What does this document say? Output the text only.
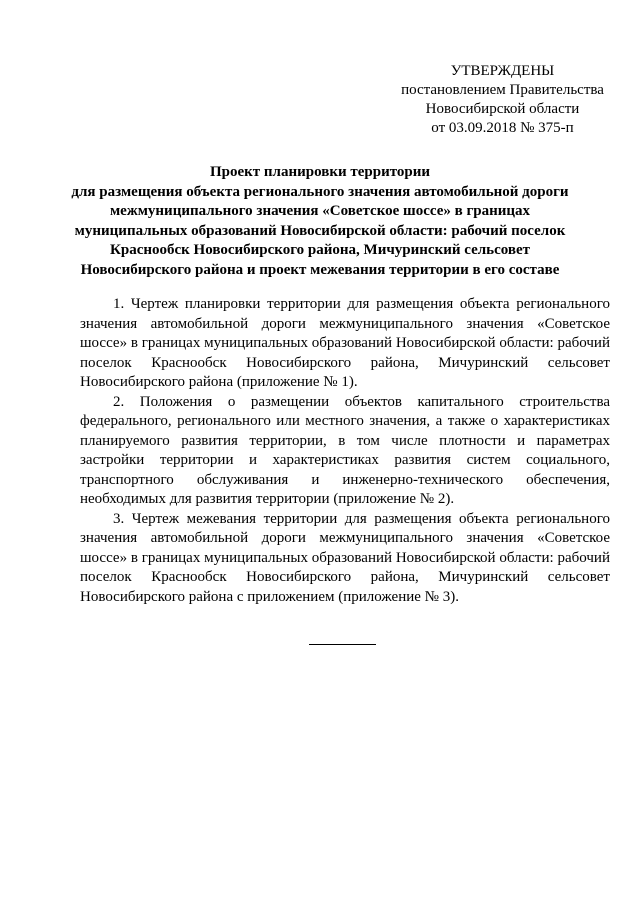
УТВЕРЖДЕНЫ
постановлением Правительства
Новосибирской области
от 03.09.2018 № 375-п
Проект планировки территории
для размещения объекта регионального значения автомобильной дороги
межмуниципального значения «Советское шоссе» в границах
муниципальных образований Новосибирской области: рабочий поселок
Краснообск Новосибирского района, Мичуринский сельсовет
Новосибирского района и проект межевания территории в его составе

1. Чертеж планировки территории для размещения объекта регионального значения автомобильной дороги межмуниципального значения «Советское шоссе» в границах муниципальных образований Новосибирской области: рабочий поселок Краснообск Новосибирского района, Мичуринский сельсовет Новосибирского района (приложение № 1).

2. Положения о размещении объектов капитального строительства федерального, регионального или местного значения, а также о характеристиках планируемого развития территории, в том числе плотности и параметрах застройки территории и характеристиках развития систем социального, транспортного обслуживания и инженерно-технического обеспечения, необходимых для развития территории (приложение № 2).

3. Чертеж межевания территории для размещения объекта регионального значения автомобильной дороги межмуниципального значения «Советское шоссе» в границах муниципальных образований Новосибирской области: рабочий поселок Краснообск Новосибирского района, Мичуринский сельсовет Новосибирского района с приложением (приложение № 3).
